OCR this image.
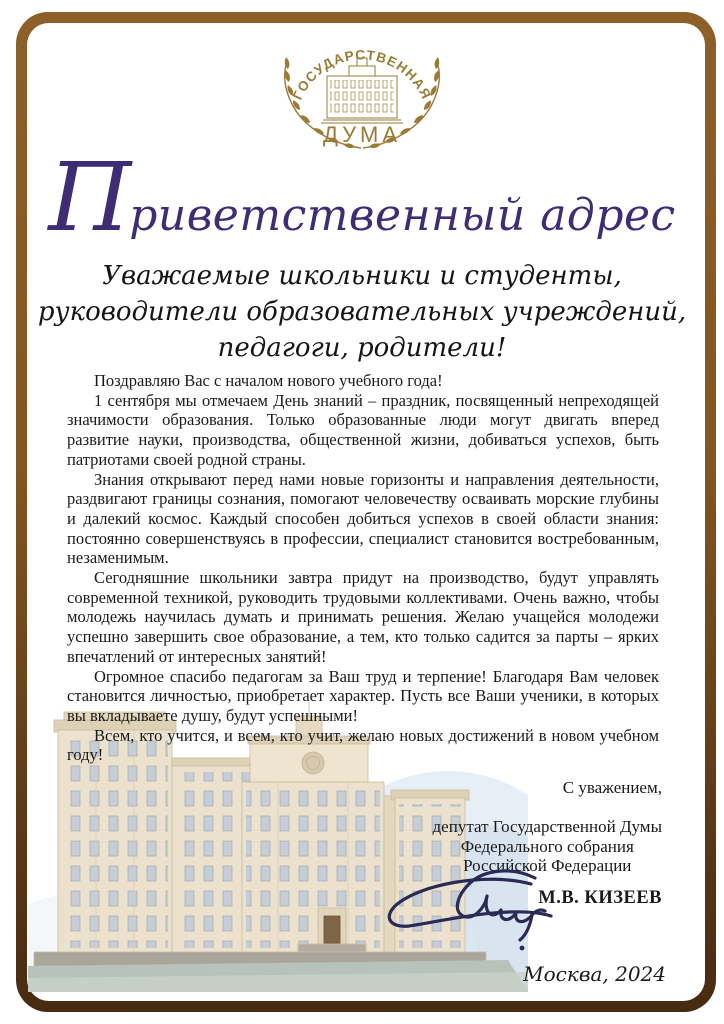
ГОСУДАРСТВЕННАЯ
ДУМА
Приветственный адрес
Уважаемые школьники и студенты,
руководители образовательных учреждений,
педагоги, родители!

Поздравляю Вас с началом нового учебного года!

1 сентября мы отмечаем День знаний – праздник, посвященный непреходящей значимости образования. Только образованные люди могут двигать вперед развитие науки, производства, общественной жизни, добиваться успехов, быть патриотами своей родной страны.

Знания открывают перед нами новые горизонты и направления деятельности, раздвигают границы сознания, помогают человечеству осваивать морские глубины и далекий космос. Каждый способен добиться успехов в своей области знания: постоянно совершенствуясь в профессии, специалист становится востребованным, незаменимым.

Сегодняшние школьники завтра придут на производство, будут управлять современной техникой, руководить трудовыми коллективами. Очень важно, чтобы молодежь научилась думать и принимать решения. Желаю учащейся молодежи успешно завершить свое образование, а тем, кто только садится за парты – ярких впечатлений от интересных занятий!

Огромное спасибо педагогам за Ваш труд и терпение! Благодаря Вам человек становится личностью, приобретает характер. Пусть все Ваши ученики, в которых вы вкладываете душу, будут успешными!

Всем, кто учится, и всем, кто учит, желаю новых достижений в новом учебном году!

С уважением,
депутат Государственной Думы
Федерального собрания
Российской Федерации
М.В. КИЗЕЕВ
Москва, 2024
